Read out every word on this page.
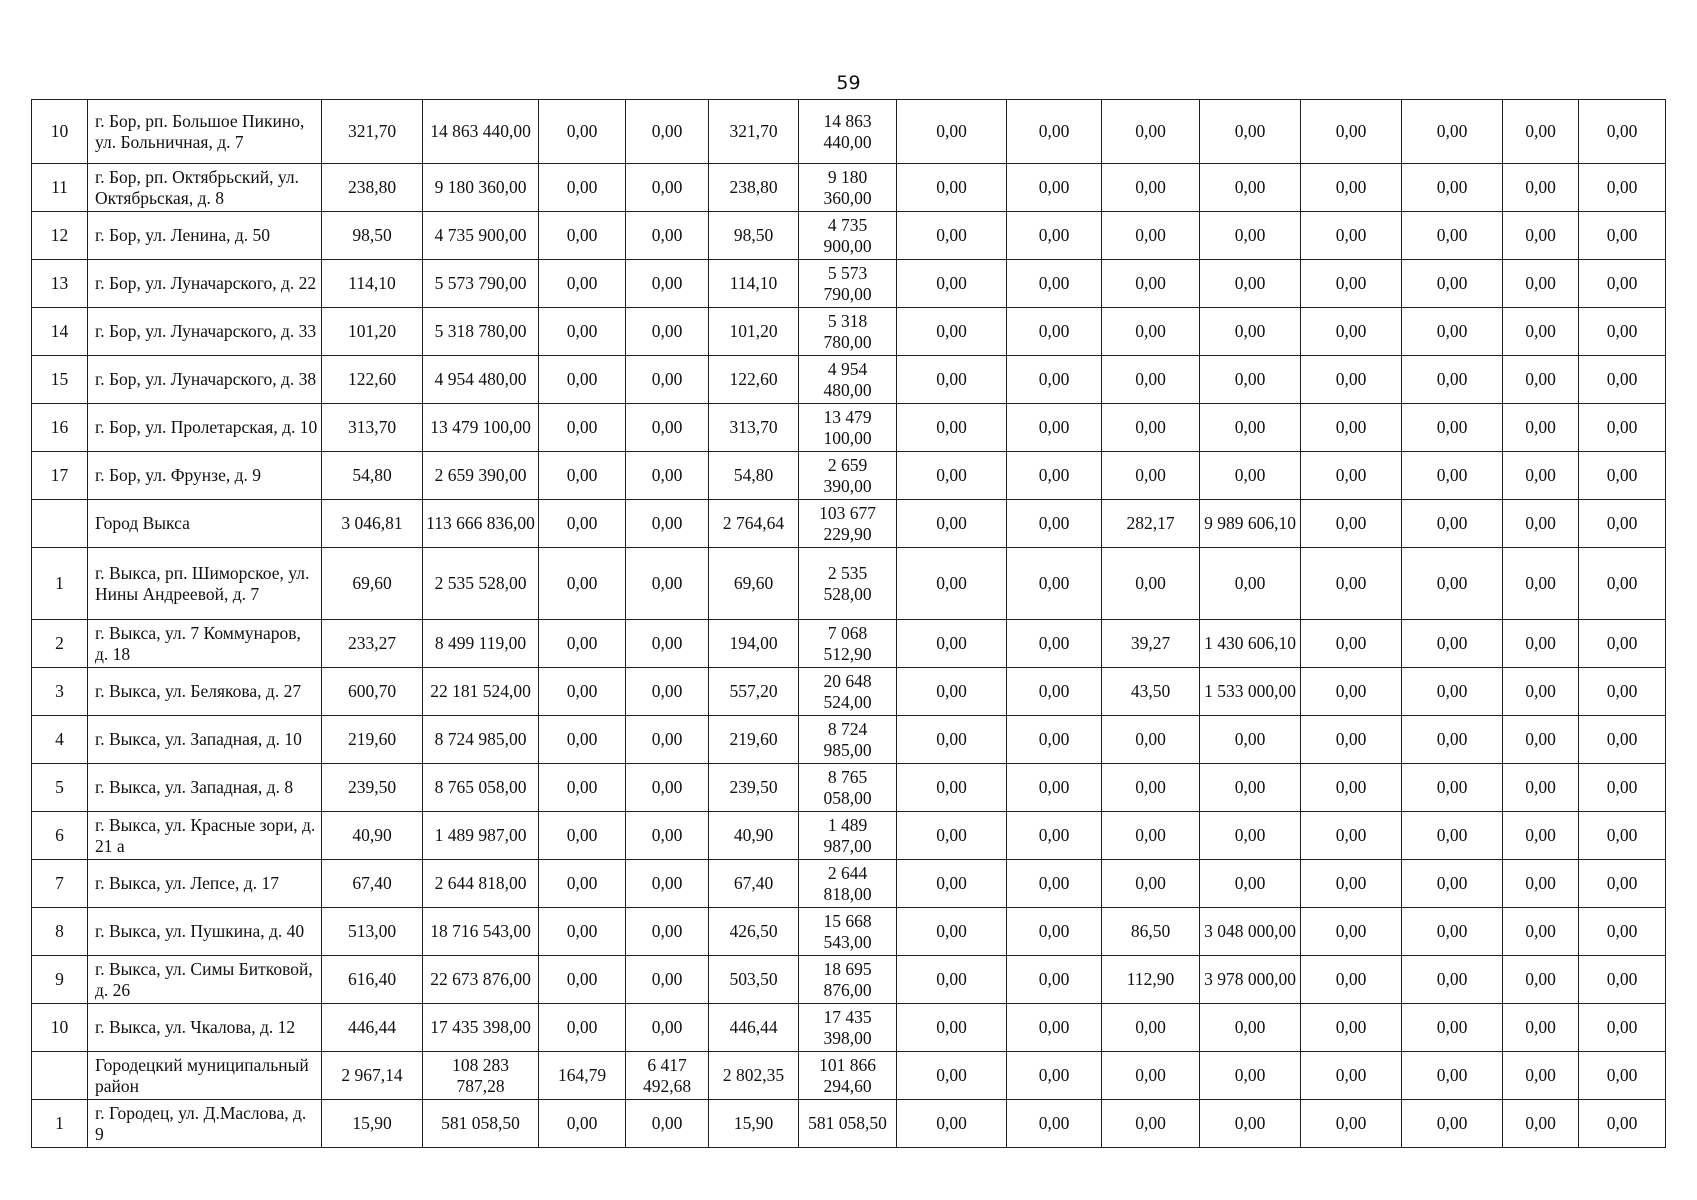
59
10	г. Бор, рп. Большое Пикино, ул. Больничная, д. 7	321,70	14 863 440,00	0,00	0,00	321,70	14 863 440,00	0,00	0,00	0,00	0,00	0,00	0,00	0,00	0,00
11	г. Бор, рп. Октябрьский, ул. Октябрьская, д. 8	238,80	9 180 360,00	0,00	0,00	238,80	9 180 360,00	0,00	0,00	0,00	0,00	0,00	0,00	0,00	0,00
12	г. Бор, ул. Ленина, д. 50	98,50	4 735 900,00	0,00	0,00	98,50	4 735 900,00	0,00	0,00	0,00	0,00	0,00	0,00	0,00	0,00
13	г. Бор, ул. Луначарского, д. 22	114,10	5 573 790,00	0,00	0,00	114,10	5 573 790,00	0,00	0,00	0,00	0,00	0,00	0,00	0,00	0,00
14	г. Бор, ул. Луначарского, д. 33	101,20	5 318 780,00	0,00	0,00	101,20	5 318 780,00	0,00	0,00	0,00	0,00	0,00	0,00	0,00	0,00
15	г. Бор, ул. Луначарского, д. 38	122,60	4 954 480,00	0,00	0,00	122,60	4 954 480,00	0,00	0,00	0,00	0,00	0,00	0,00	0,00	0,00
16	г. Бор, ул. Пролетарская, д. 10	313,70	13 479 100,00	0,00	0,00	313,70	13 479 100,00	0,00	0,00	0,00	0,00	0,00	0,00	0,00	0,00
17	г. Бор, ул. Фрунзе, д. 9	54,80	2 659 390,00	0,00	0,00	54,80	2 659 390,00	0,00	0,00	0,00	0,00	0,00	0,00	0,00	0,00
	Город Выкса	3 046,81	113 666 836,00	0,00	0,00	2 764,64	103 677 229,90	0,00	0,00	282,17	9 989 606,10	0,00	0,00	0,00	0,00
1	г. Выкса, рп. Шиморское, ул. Нины Андреевой, д. 7	69,60	2 535 528,00	0,00	0,00	69,60	2 535 528,00	0,00	0,00	0,00	0,00	0,00	0,00	0,00	0,00
2	г. Выкса, ул. 7 Коммунаров, д. 18	233,27	8 499 119,00	0,00	0,00	194,00	7 068 512,90	0,00	0,00	39,27	1 430 606,10	0,00	0,00	0,00	0,00
3	г. Выкса, ул. Белякова, д. 27	600,70	22 181 524,00	0,00	0,00	557,20	20 648 524,00	0,00	0,00	43,50	1 533 000,00	0,00	0,00	0,00	0,00
4	г. Выкса, ул. Западная, д. 10	219,60	8 724 985,00	0,00	0,00	219,60	8 724 985,00	0,00	0,00	0,00	0,00	0,00	0,00	0,00	0,00
5	г. Выкса, ул. Западная, д. 8	239,50	8 765 058,00	0,00	0,00	239,50	8 765 058,00	0,00	0,00	0,00	0,00	0,00	0,00	0,00	0,00
6	г. Выкса, ул. Красные зори, д. 21 а	40,90	1 489 987,00	0,00	0,00	40,90	1 489 987,00	0,00	0,00	0,00	0,00	0,00	0,00	0,00	0,00
7	г. Выкса, ул. Лепсе, д. 17	67,40	2 644 818,00	0,00	0,00	67,40	2 644 818,00	0,00	0,00	0,00	0,00	0,00	0,00	0,00	0,00
8	г. Выкса, ул. Пушкина, д. 40	513,00	18 716 543,00	0,00	0,00	426,50	15 668 543,00	0,00	0,00	86,50	3 048 000,00	0,00	0,00	0,00	0,00
9	г. Выкса, ул. Симы Битковой, д. 26	616,40	22 673 876,00	0,00	0,00	503,50	18 695 876,00	0,00	0,00	112,90	3 978 000,00	0,00	0,00	0,00	0,00
10	г. Выкса, ул. Чкалова, д. 12	446,44	17 435 398,00	0,00	0,00	446,44	17 435 398,00	0,00	0,00	0,00	0,00	0,00	0,00	0,00	0,00
	Городецкий муниципальный район	2 967,14	108 283 787,28	164,79	6 417 492,68	2 802,35	101 866 294,60	0,00	0,00	0,00	0,00	0,00	0,00	0,00	0,00
1	г. Городец, ул. Д.Маслова, д. 9	15,90	581 058,50	0,00	0,00	15,90	581 058,50	0,00	0,00	0,00	0,00	0,00	0,00	0,00	0,00
